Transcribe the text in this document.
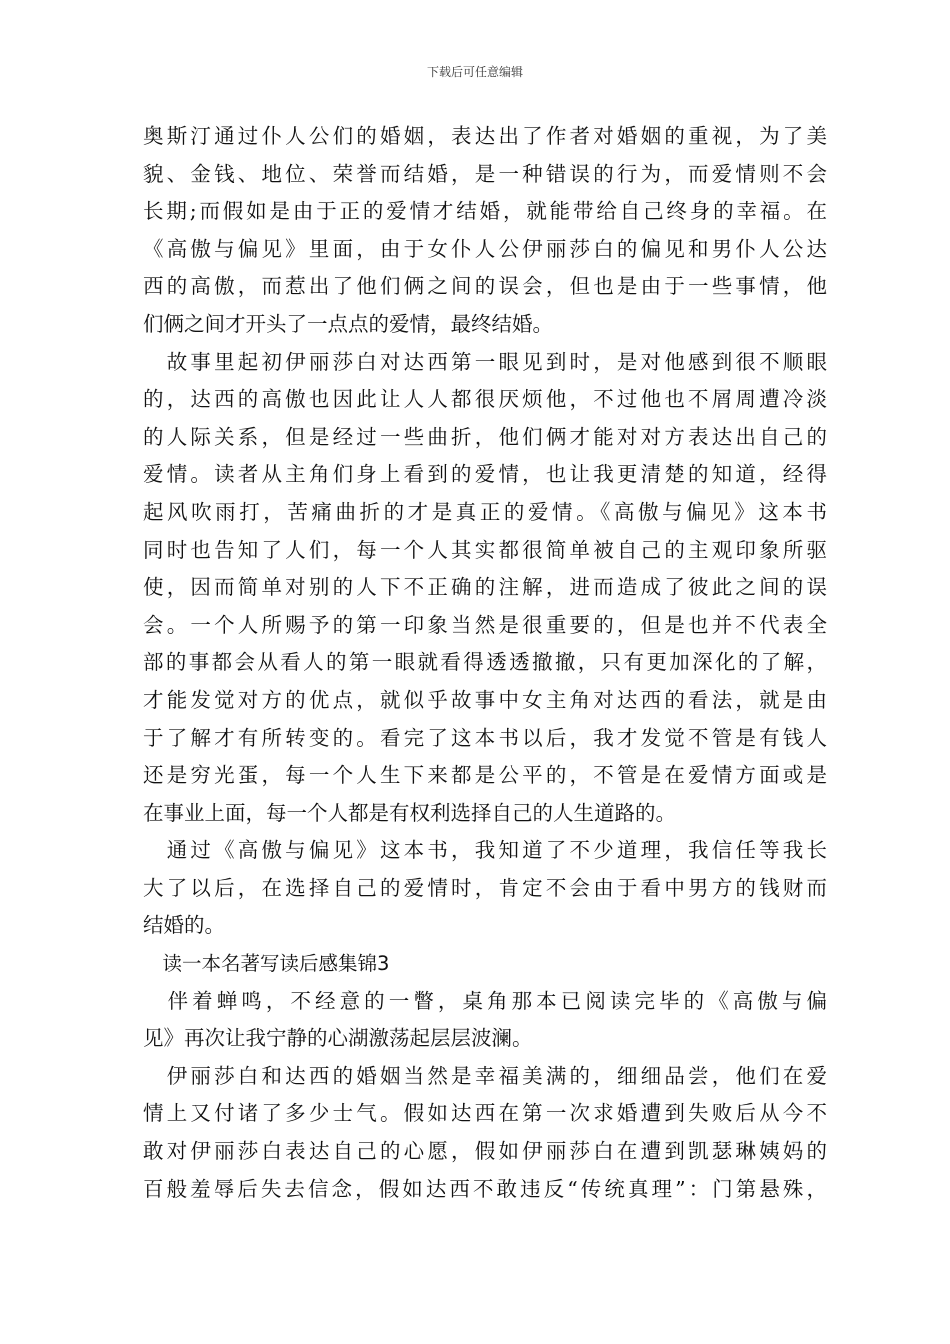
下载后可任意编辑
奥斯汀通过仆人公们的婚姻，表达出了作者对婚姻的重视，为了美
貌、金钱、地位、荣誉而结婚，是一种错误的行为，而爱情则不会
长期;而假如是由于正的爱情才结婚，就能带给自己终身的幸福。在
《高傲与偏见》里面，由于女仆人公伊丽莎白的偏见和男仆人公达
西的高傲，而惹出了他们俩之间的误会，但也是由于一些事情，他
们俩之间才开头了一点点的爱情，最终结婚。
　故事里起初伊丽莎白对达西第一眼见到时，是对他感到很不顺眼
的，达西的高傲也因此让人人都很厌烦他，不过他也不屑周遭冷淡
的人际关系，但是经过一些曲折，他们俩才能对对方表达出自己的
爱情。读者从主角们身上看到的爱情，也让我更清楚的知道，经得
起风吹雨打，苦痛曲折的才是真正的爱情。《高傲与偏见》这本书
同时也告知了人们，每一个人其实都很简单被自己的主观印象所驱
使，因而简单对别的人下不正确的注解，进而造成了彼此之间的误
会。一个人所赐予的第一印象当然是很重要的，但是也并不代表全
部的事都会从看人的第一眼就看得透透撤撤，只有更加深化的了解，
才能发觉对方的优点，就似乎故事中女主角对达西的看法，就是由
于了解才有所转变的。看完了这本书以后，我才发觉不管是有钱人
还是穷光蛋，每一个人生下来都是公平的，不管是在爱情方面或是
在事业上面，每一个人都是有权利选择自己的人生道路的。
　通过《高傲与偏见》这本书，我知道了不少道理，我信任等我长
大了以后，在选择自己的爱情时，肯定不会由于看中男方的钱财而
结婚的。
　读一本名著写读后感集锦3
　伴着蝉鸣，不经意的一瞥，桌角那本已阅读完毕的《高傲与偏
见》再次让我宁静的心湖激荡起层层波澜。
　伊丽莎白和达西的婚姻当然是幸福美满的，细细品尝，他们在爱
情上又付诸了多少士气。假如达西在第一次求婚遭到失败后从今不
敢对伊丽莎白表达自己的心愿，假如伊丽莎白在遭到凯瑟琳姨妈的
百般羞辱后失去信念，假如达西不敢违反“传统真理”：门第悬殊，
